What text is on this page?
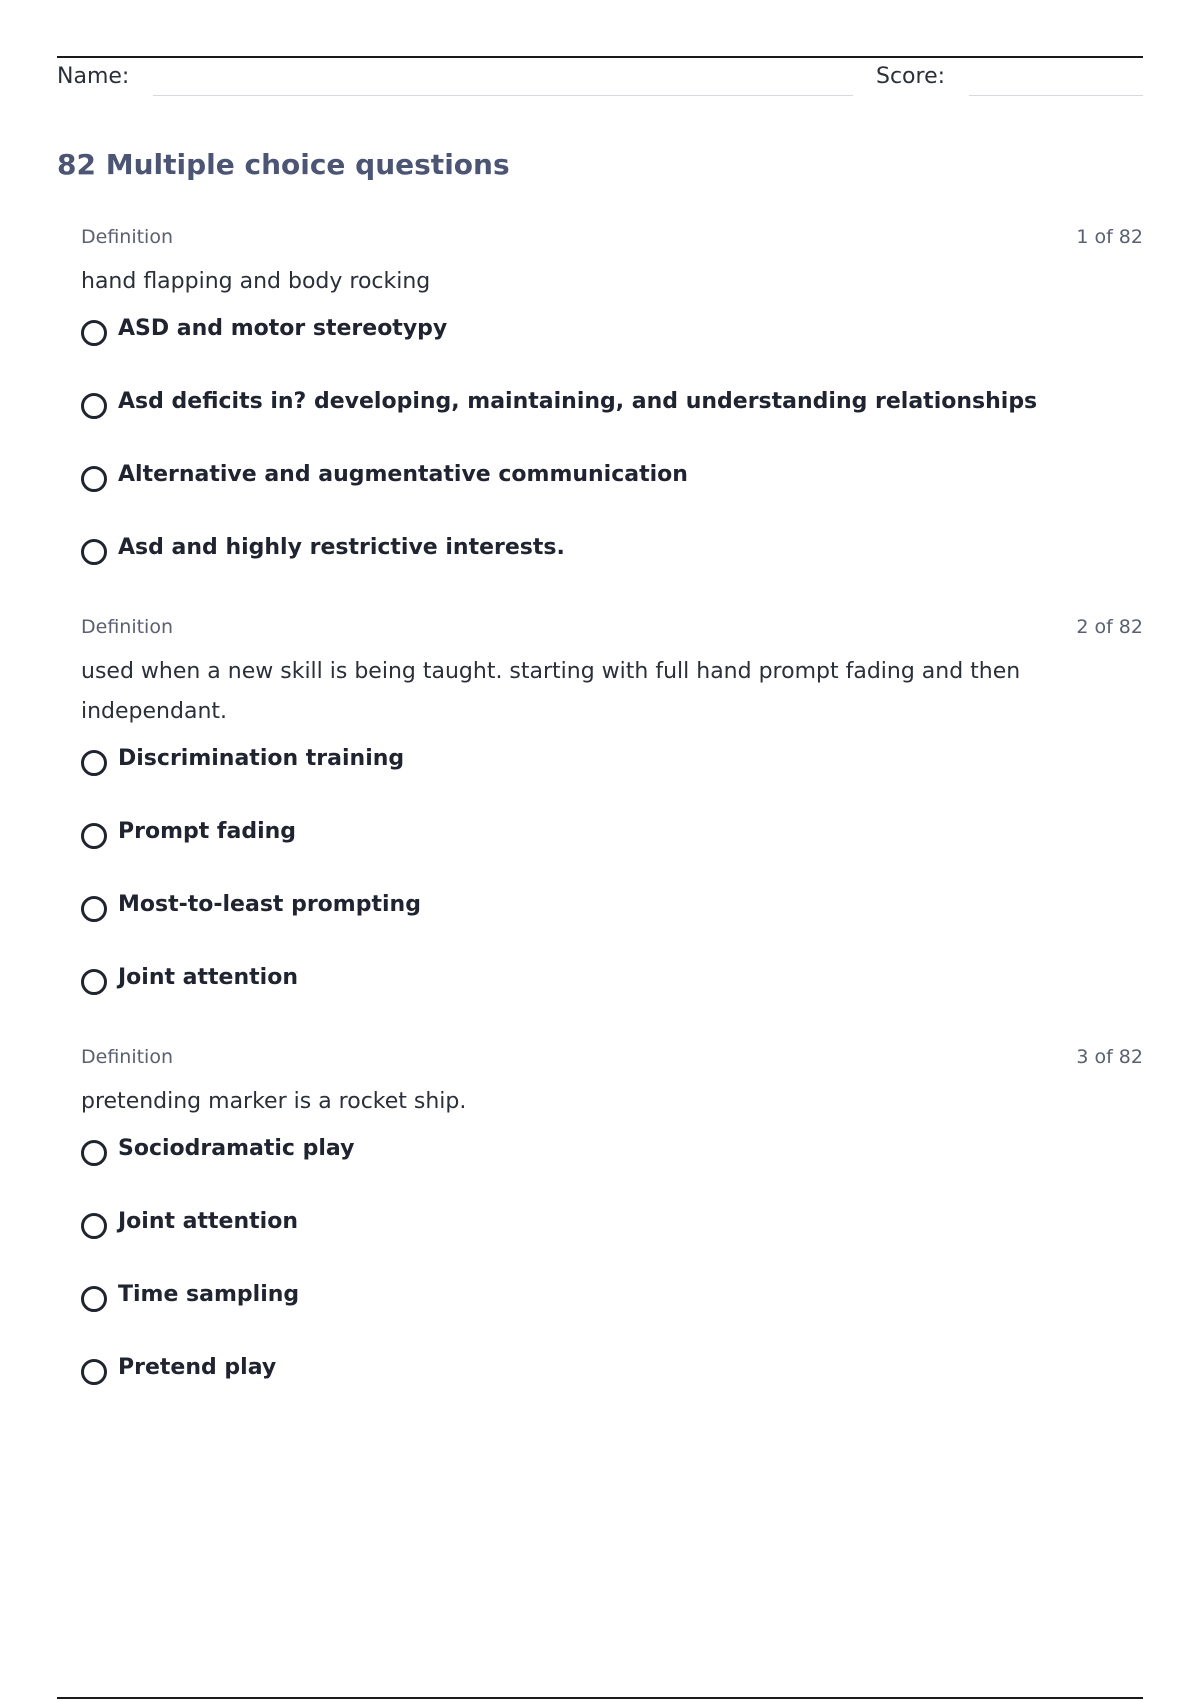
Name:	Score:
82 Multiple choice questions
Definition	1 of 82
hand flapping and body rocking
ASD and motor stereotypy
Asd deficits in? developing, maintaining, and understanding relationships
Alternative and augmentative communication
Asd and highly restrictive interests.
Definition	2 of 82
used when a new skill is being taught. starting with full hand prompt fading and then independant.
Discrimination training
Prompt fading
Most-to-least prompting
Joint attention
Definition	3 of 82
pretending marker is a rocket ship.
Sociodramatic play
Joint attention
Time sampling
Pretend play
